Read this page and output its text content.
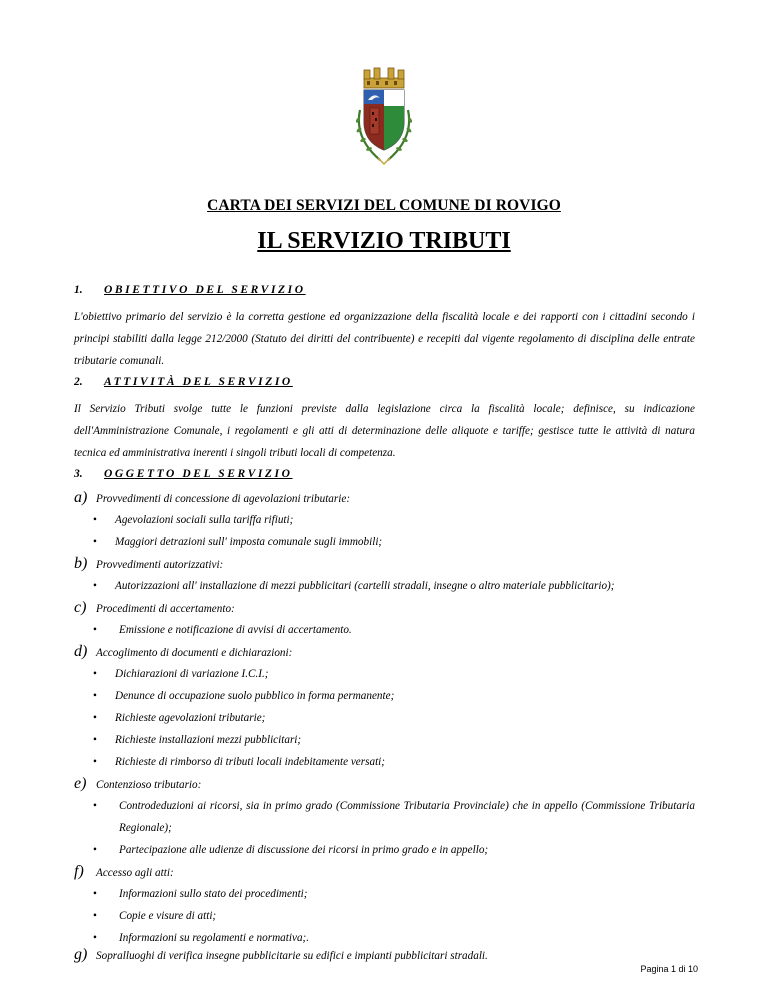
CARTA DEI SERVIZI DEL COMUNE DI ROVIGO
IL SERVIZIO TRIBUTI
1. OBIETTIVO DEL SERVIZIO
L'obiettivo primario del servizio è la corretta gestione ed organizzazione della fiscalità locale e dei rapporti con i cittadini secondo i principi stabiliti dalla legge 212/2000 (Statuto dei diritti del contribuente) e recepiti dal vigente regolamento di disciplina delle entrate tributarie comunali.
2. ATTIVITÀ DEL SERVIZIO
Il Servizio Tributi svolge tutte le funzioni previste dalla legislazione circa la fiscalità locale; definisce, su indicazione dell'Amministrazione Comunale, i regolamenti e gli atti di determinazione delle aliquote e tariffe; gestisce tutte le attività di natura tecnica ed amministrativa inerenti i singoli tributi locali di competenza.
3. OGGETTO DEL SERVIZIO
a) Provvedimenti di concessione di agevolazioni tributarie:
• Agevolazioni sociali sulla tariffa rifiuti;
• Maggiori detrazioni sull' imposta comunale sugli immobili;
b) Provvedimenti autorizzativi:
• Autorizzazioni all' installazione di mezzi pubblicitari (cartelli stradali, insegne o altro materiale pubblicitario);
c) Procedimenti di accertamento:
• Emissione e notificazione di avvisi di accertamento.
d) Accoglimento di documenti e dichiarazioni:
• Dichiarazioni di variazione I.C.I.;
• Denunce di occupazione suolo pubblico in forma permanente;
• Richieste agevolazioni tributarie;
• Richieste installazioni mezzi pubblicitari;
• Richieste di rimborso di tributi locali indebitamente versati;
e) Contenzioso tributario:
• Controdeduzioni ai ricorsi, sia in primo grado (Commissione Tributaria Provinciale) che in appello (Commissione Tributaria Regionale);
• Partecipazione alle udienze di discussione dei ricorsi in primo grado e in appello;
f) Accesso agli atti:
• Informazioni sullo stato dei procedimenti;
• Copie e visure di atti;
• Informazioni su regolamenti e normativa;.
g) Sopralluoghi di verifica insegne pubblicitarie su edifici e impianti pubblicitari stradali.
Pagina 1 di 10
